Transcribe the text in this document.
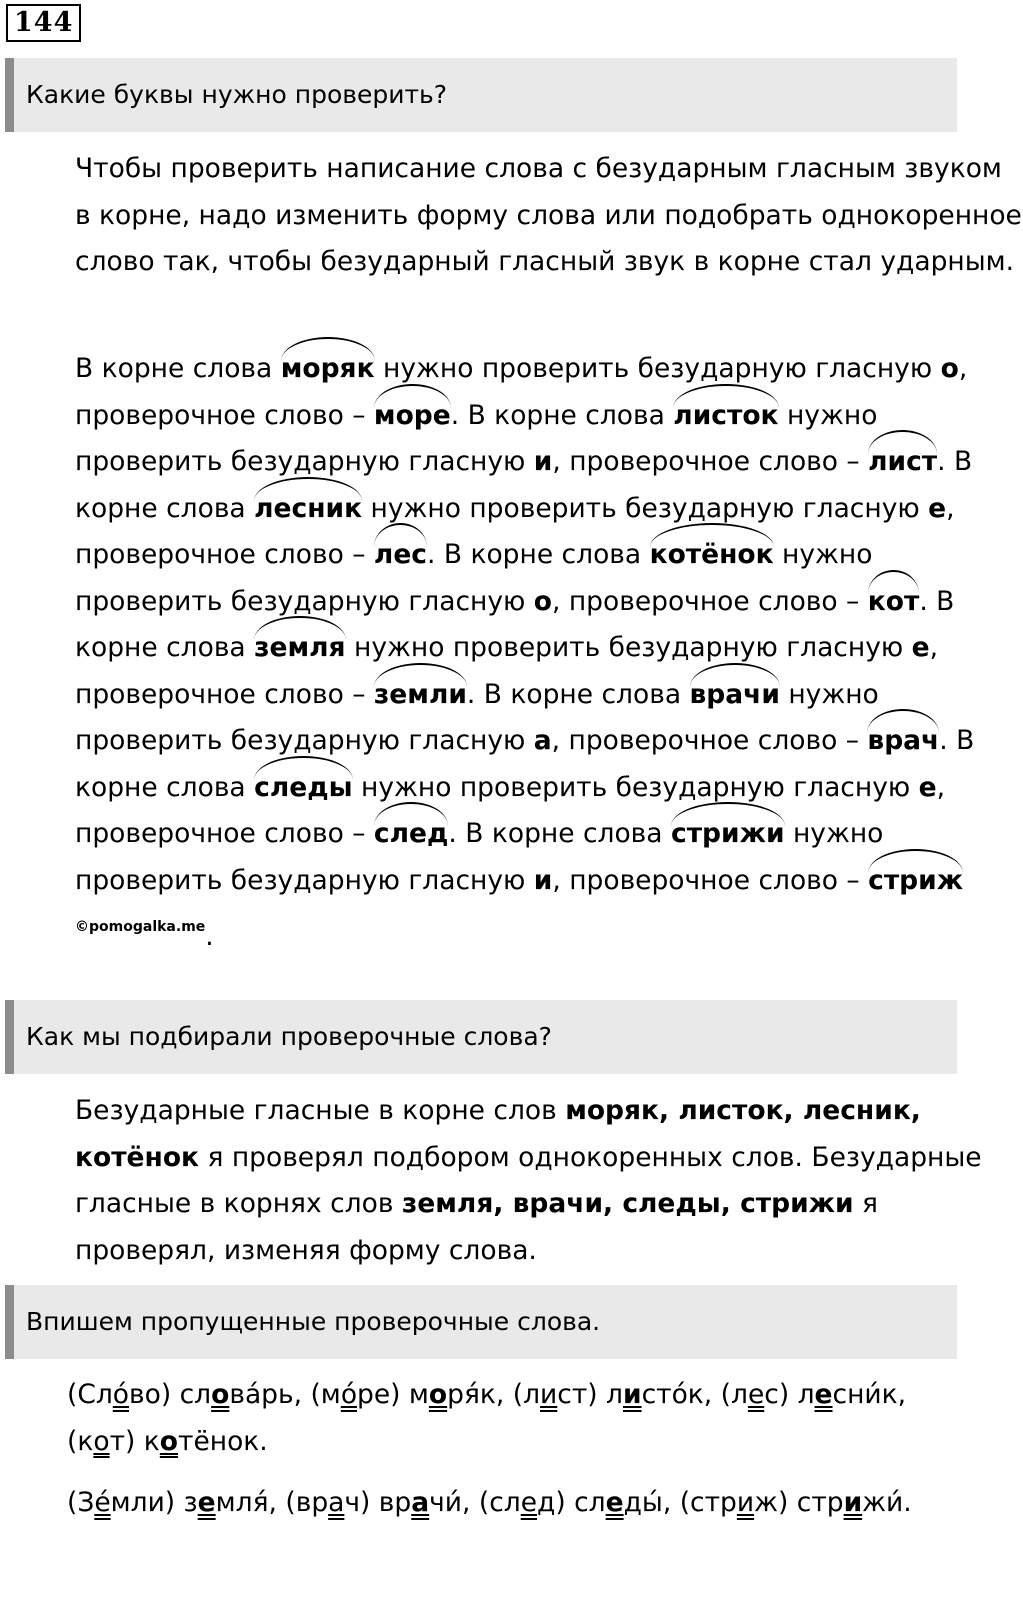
144
Какие буквы нужно проверить?

Чтобы проверить написание слова с безударным гласным звуком в корне, надо изменить форму слова или подобрать однокоренное слово так, чтобы безударный гласный звук в корне стал ударным.

В корне слова моряк нужно проверить безударную гласную о, проверочное слово – море. В корне слова листок нужно проверить безударную гласную и, проверочное слово – лист. В корне слова лесник нужно проверить безударную гласную е, проверочное слово – лес. В корне слова котёнок нужно проверить безударную гласную о, проверочное слово – кот. В корне слова земля нужно проверить безударную гласную е, проверочное слово – земли. В корне слова врачи нужно проверить безударную гласную а, проверочное слово – врач. В корне слова следы нужно проверить безударную гласную е, проверочное слово – след. В корне слова стрижи нужно проверить безударную гласную и, проверочное слово – стриж$^{©pomogalka.me}$.

Как мы подбирали проверочные слова?

Безударные гласные в корне слов моряк, листок, лесник, котёнок я проверял подбором однокоренных слов. Безударные гласные в корнях слов земля, врачи, следы, стрижи я проверял, изменяя форму слова.

Впишем пропущенные проверочные слова.

(Сло́во) слова́рь, (мо́ре) моря́к, (лист) листо́к, (лес) лесни́к, (кот) котёнок.

(Зе́мли) земля́, (врач) врачи́, (след) следы́, (стриж) стрижи́.
